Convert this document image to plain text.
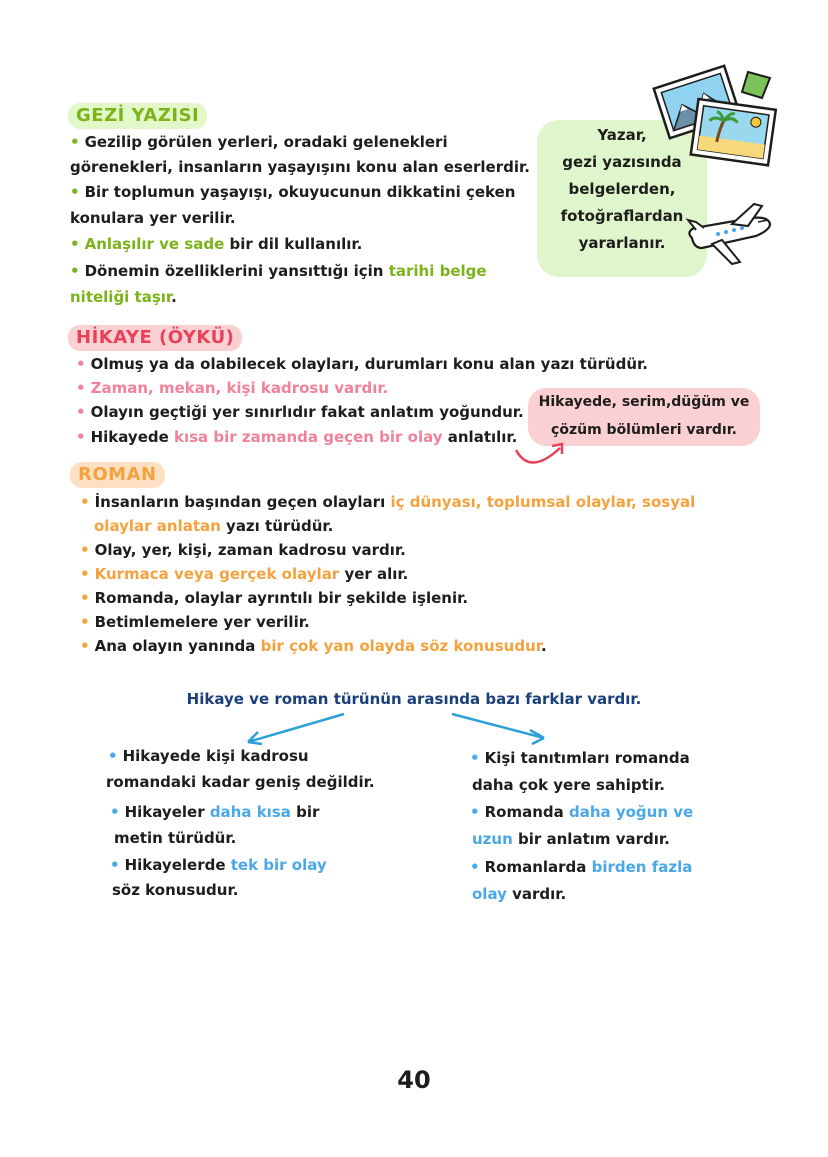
GEZİ YAZISI
• Gezilip görülen yerleri, oradaki gelenekleri
görenekleri, insanların yaşayışını konu alan eserlerdir.
• Bir toplumun yaşayışı, okuyucunun dikkatini çeken
konulara yer verilir.
• Anlaşılır ve sade bir dil kullanılır.
• Dönemin özelliklerini yansıttığı için tarihi belge
niteliği taşır.
Yazar,
gezi yazısında
belgelerden,
fotoğraflardan
yararlanır.
HİKAYE (ÖYKÜ)
• Olmuş ya da olabilecek olayları, durumları konu alan yazı türüdür.
• Zaman, mekan, kişi kadrosu vardır.
• Olayın geçtiği yer sınırlıdır fakat anlatım yoğundur.
• Hikayede kısa bir zamanda geçen bir olay anlatılır.
Hikayede, serim,düğüm ve
çözüm bölümleri vardır.
ROMAN
• İnsanların başından geçen olayları iç dünyası, toplumsal olaylar, sosyal
olaylar anlatan yazı türüdür.
• Olay, yer, kişi, zaman kadrosu vardır.
• Kurmaca veya gerçek olaylar yer alır.
• Romanda, olaylar ayrıntılı bir şekilde işlenir.
• Betimlemelere yer verilir.
• Ana olayın yanında bir çok yan olayda söz konusudur.
Hikaye ve roman türünün arasında bazı farklar vardır.
• Hikayede kişi kadrosu
romandaki kadar geniş değildir.
• Hikayeler daha kısa bir
metin türüdür.
• Hikayelerde tek bir olay
söz konusudur.
• Kişi tanıtımları romanda
daha çok yere sahiptir.
• Romanda daha yoğun ve
uzun bir anlatım vardır.
• Romanlarda birden fazla
olay vardır.
40
